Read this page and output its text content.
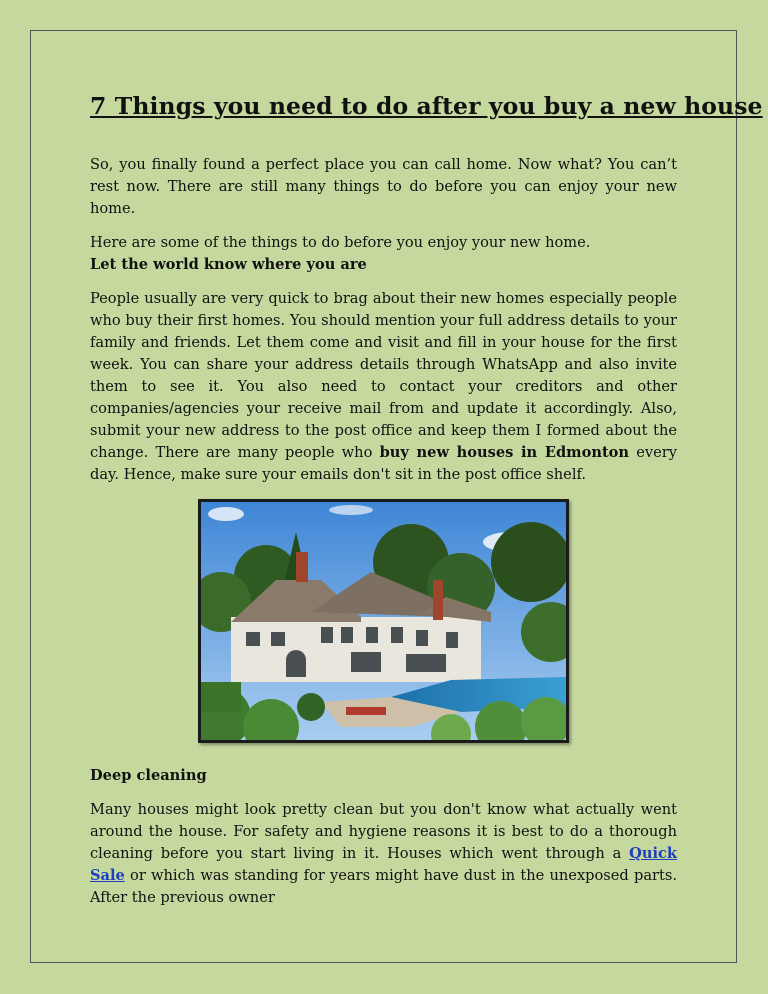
7 Things you need to do after you buy a new house

So, you finally found a perfect place you can call home. Now what? You can’t rest now. There are still many things to do before you can enjoy your new home.

Here are some of the things to do before you enjoy your new home.

Let the world know where you are

People usually are very quick to brag about their new homes especially people who buy their first homes. You should mention your full address details to your family and friends. Let them come and visit and fill in your house for the first week. You can share your address details through WhatsApp and also invite them to see it. You also need to contact your creditors and other companies/agencies your receive mail from and update it accordingly. Also, submit your new address to the post office and keep them I formed about the change. There are many people who buy new houses in Edmonton every day. Hence, make sure your emails don't sit in the post office shelf.

Deep cleaning

Many houses might look pretty clean but you don't know what actually went around the house. For safety and hygiene reasons it is best to do a thorough cleaning before you start living in it. Houses which went through a Quick Sale or which was standing for years might have dust in the unexposed parts. After the previous owner
